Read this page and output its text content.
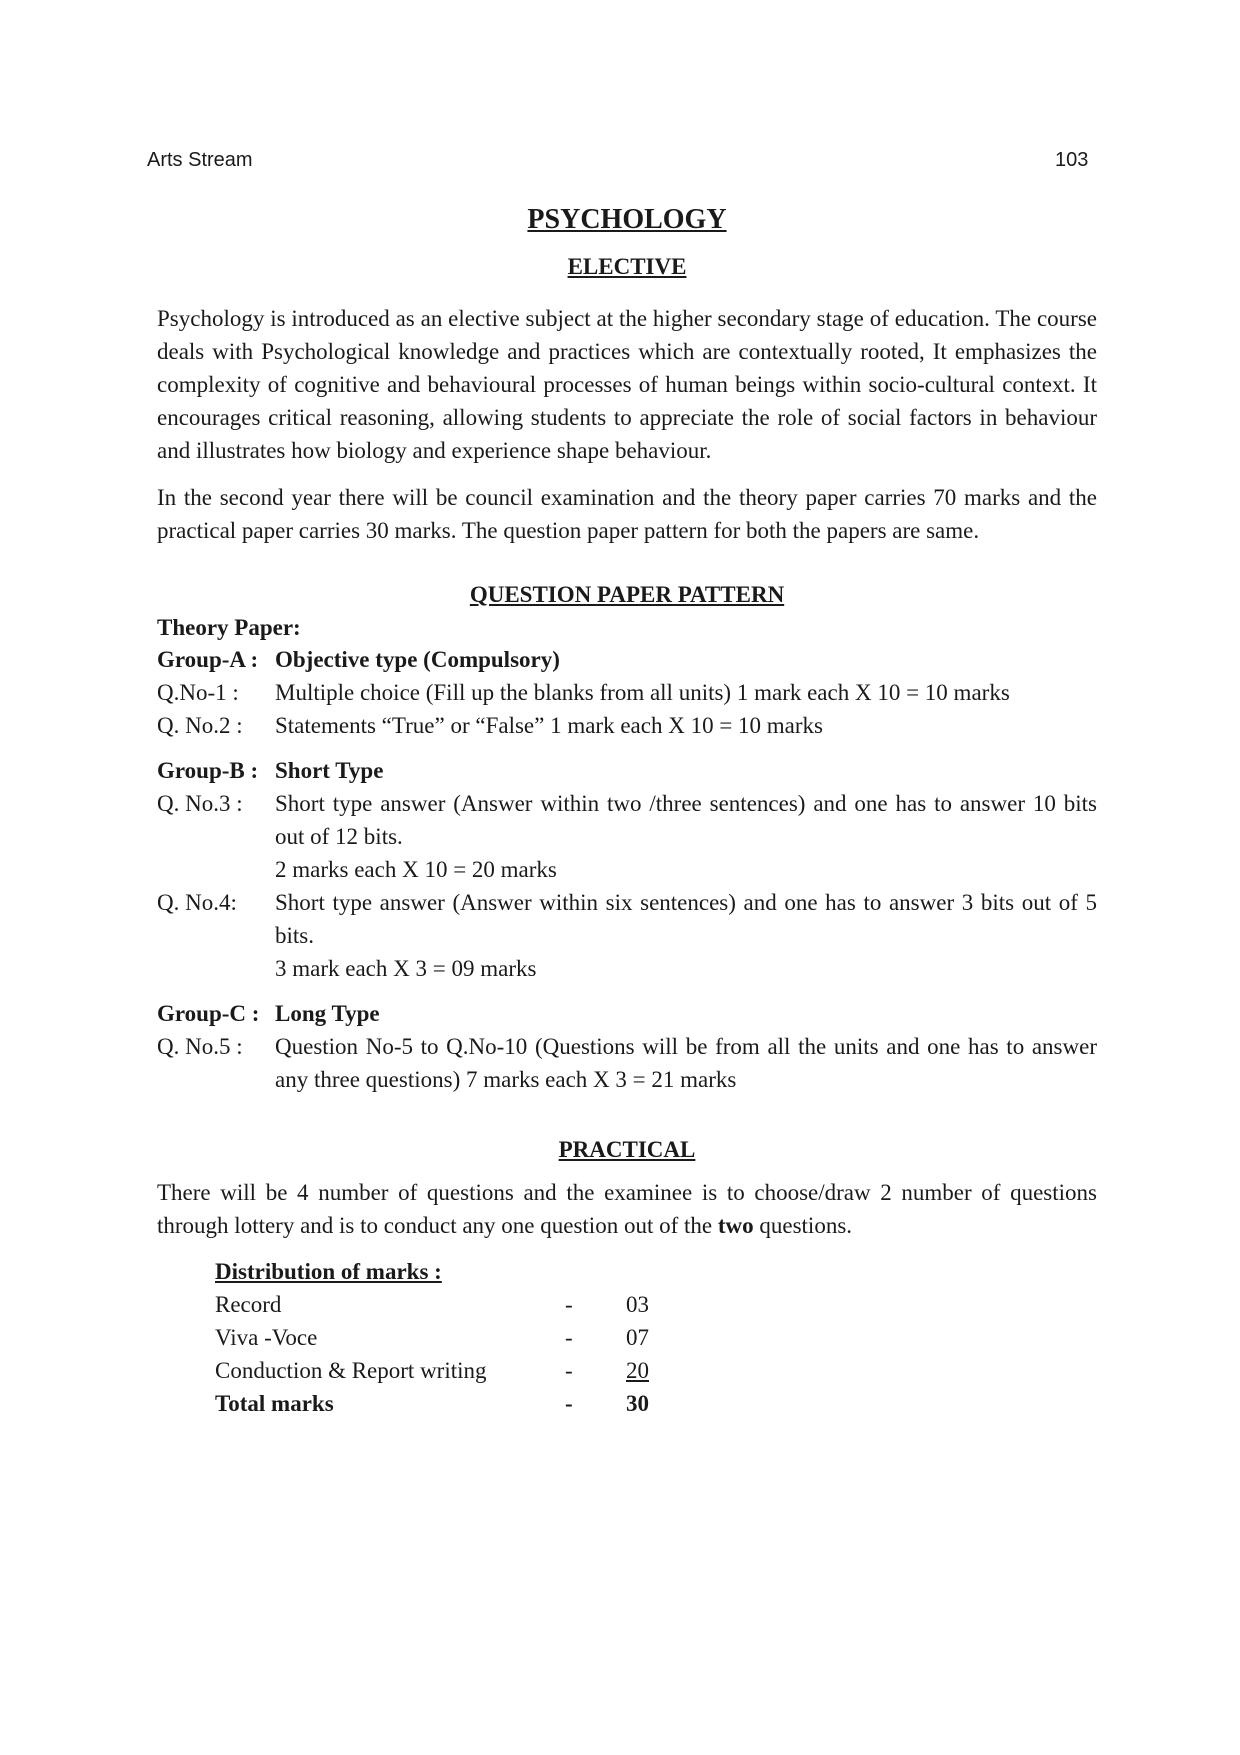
Arts Stream	103
PSYCHOLOGY
ELECTIVE
Psychology is introduced as an elective subject at the higher secondary stage of education. The course deals with Psychological knowledge and practices which are contextually rooted, It emphasizes the complexity of cognitive and behavioural processes of human beings within socio-cultural context. It encourages critical reasoning, allowing students to appreciate the role of social factors in behaviour and illustrates how biology and experience shape behaviour.
In the second year there will be council examination and the theory paper carries 70 marks and the practical paper carries 30 marks. The question paper pattern for both the papers are same.
QUESTION PAPER PATTERN
Theory Paper:
Group-A : Objective type (Compulsory)
Q.No-1 :	Multiple choice (Fill up the blanks from all units) 1 mark each X 10 = 10 marks
Q. No.2 :	Statements “True” or “False” 1 mark each X 10 = 10 marks
Group-B : Short Type
Q. No.3 :	Short type answer (Answer within two /three sentences) and one has to answer 10 bits out of 12 bits.
2 marks each X 10 = 20 marks
Q. No.4:	Short type answer (Answer within six sentences) and one has to answer 3 bits out of 5 bits.
3 mark each X 3 = 09 marks
Group-C : Long Type
Q. No.5 :	Question No-5 to Q.No-10 (Questions will be from all the units and one has to answer any three questions) 7 marks each X 3 = 21 marks
PRACTICAL
There will be 4 number of questions and the examinee is to choose/draw 2 number of questions through lottery and is to conduct any one question out of the two questions.
Distribution of marks :
Record	- 03
Viva -Voce	- 07
Conduction & Report writing	- 20
Total marks	- 30
